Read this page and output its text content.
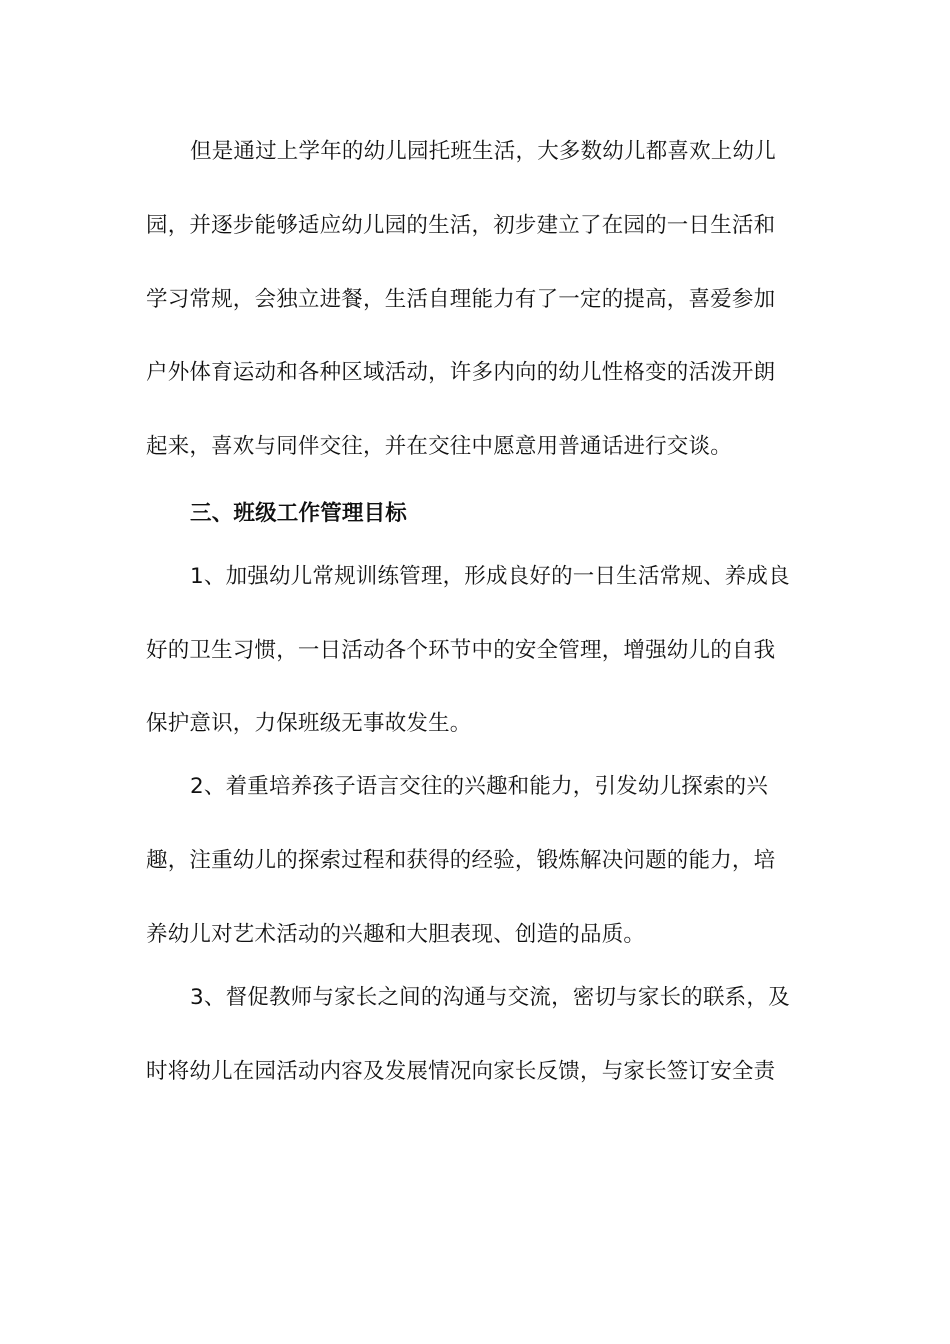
但是通过上学年的幼儿园托班生活，大多数幼儿都喜欢上幼儿
园，并逐步能够适应幼儿园的生活，初步建立了在园的一日生活和
学习常规，会独立进餐，生活自理能力有了一定的提高，喜爱参加
户外体育运动和各种区域活动，许多内向的幼儿性格变的活泼开朗
起来，喜欢与同伴交往，并在交往中愿意用普通话进行交谈。
三、班级工作管理目标
1、加强幼儿常规训练管理，形成良好的一日生活常规、养成良
好的卫生习惯，一日活动各个环节中的安全管理，增强幼儿的自我
保护意识，力保班级无事故发生。
2、着重培养孩子语言交往的兴趣和能力，引发幼儿探索的兴
趣，注重幼儿的探索过程和获得的经验，锻炼解决问题的能力，培
养幼儿对艺术活动的兴趣和大胆表现、创造的品质。
3、督促教师与家长之间的沟通与交流，密切与家长的联系，及
时将幼儿在园活动内容及发展情况向家长反馈，与家长签订安全责
